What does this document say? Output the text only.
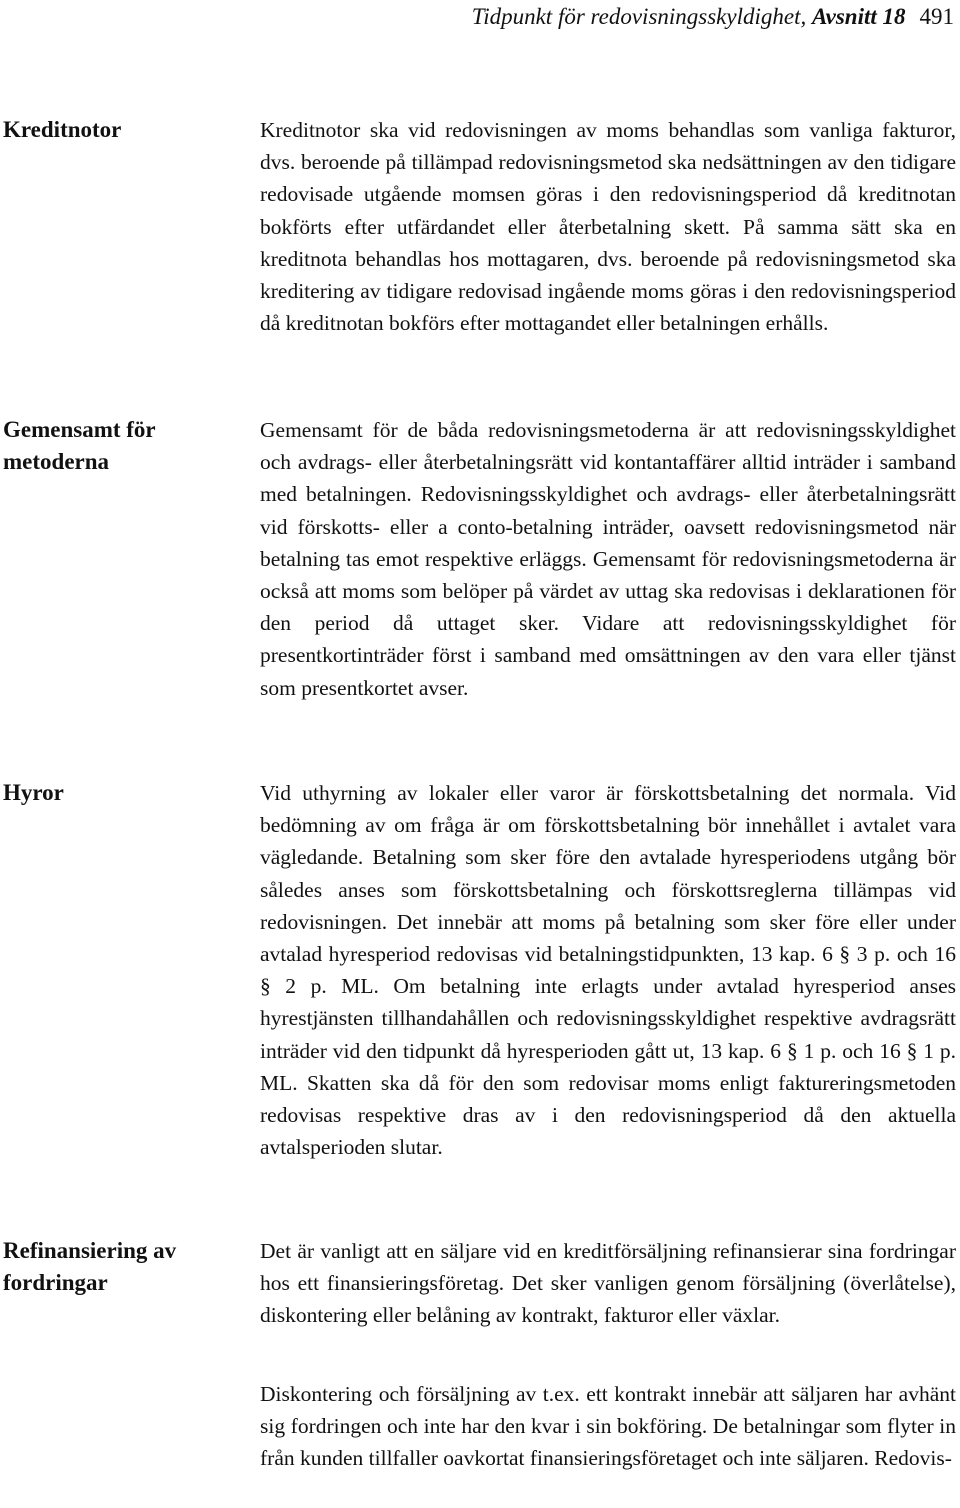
Tidpunkt för redovisningsskyldighet, Avsnitt 18 491
Kreditnotor	Kreditnotor ska vid redovisningen av moms behandlas som vanliga fakturor, dvs. beroende på tillämpad redovisningsmetod ska nedsättningen av den tidigare redovisade utgående momsen göras i den redovisningsperiod då kreditnotan bokförts efter utfärdandet eller återbetalning skett. På samma sätt ska en kreditnota behandlas hos mottagaren, dvs. beroende på redovisningsmetod ska kreditering av tidigare redovisad ingående moms göras i den redovisningsperiod då kreditnotan bokförs efter mottagandet eller betalningen erhålls.

Gemensamt för metoderna

Gemensamt för de båda redovisningsmetoderna är att redovisningsskyldighet och avdrags- eller återbetalningsrätt vid kontantaffärer alltid inträder i samband med betalningen. Redovisningsskyldighet och avdrags- eller återbetalningsrätt vid förskotts- eller a conto-betalning inträder, oavsett redovisningsmetod när betalning tas emot respektive erläggs. Gemensamt för redovisningsmetoderna är också att moms som belöper på värdet av uttag ska redovisas i deklarationen för den period då uttaget sker. Vidare att redovisningsskyldighet för presentkortinträder först i samband med omsättningen av den vara eller tjänst som presentkortet avser.

Hyror	Vid uthyrning av lokaler eller varor är förskottsbetalning det normala. Vid bedömning av om fråga är om förskottsbetalning bör innehållet i avtalet vara vägledande. Betalning som sker före den avtalade hyresperiodens utgång bör således anses som förskottsbetalning och förskottsreglerna tillämpas vid redovisningen. Det innebär att moms på betalning som sker före eller under avtalad hyresperiod redovisas vid betalningstidpunkten, 13 kap. 6 § 3 p. och 16 § 2 p. ML. Om betalning inte erlagts under avtalad hyresperiod anses hyrestjänsten tillhandahållen och redovisningsskyldighet respektive avdragsrätt inträder vid den tidpunkt då hyresperioden gått ut, 13 kap. 6 § 1 p. och 16 § 1 p. ML. Skatten ska då för den som redovisar moms enligt faktureringsmetoden redovisas respektive dras av i den redovisningsperiod då den aktuella avtalsperioden slutar.

Refinansiering av fordringar

Det är vanligt att en säljare vid en kreditförsäljning refinansierar sina fordringar hos ett finansieringsföretag. Det sker vanligen genom försäljning (överlåtelse), diskontering eller belåning av kontrakt, fakturor eller växlar.

Diskontering och försäljning av t.ex. ett kontrakt innebär att säljaren har avhänt sig fordringen och inte har den kvar i sin bokföring. De betalningar som flyter in från kunden tillfaller oavkortat finansieringsföretaget och inte säljaren. Redovis-
